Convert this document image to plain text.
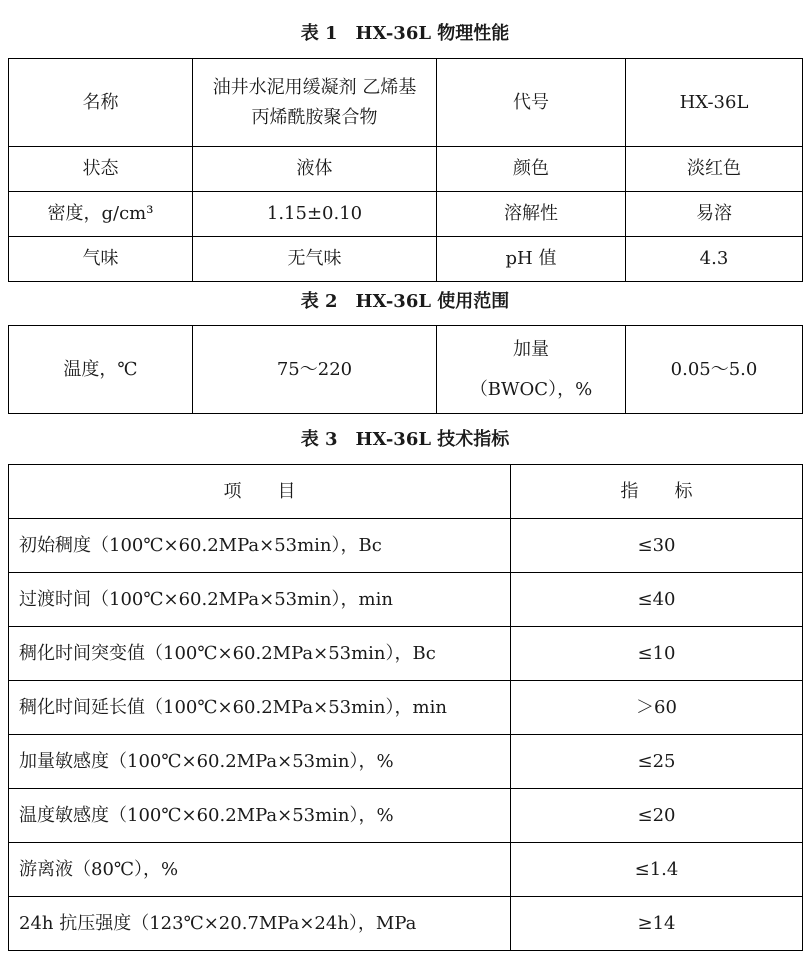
表 1　HX-36L 物理性能
名称	油井水泥用缓凝剂 乙烯基丙烯酰胺聚合物	代号	HX-36L
状态	液体	颜色	淡红色
密度，g/cm³	1.15±0.10	溶解性	易溶
气味	无气味	pH 值	4.3
表 2　HX-36L 使用范围
温度，℃	75～220	加量（BWOC），%	0.05～5.0
表 3　HX-36L 技术指标
项　　目	指　　标
初始稠度（100℃×60.2MPa×53min），Bc	≤30
过渡时间（100℃×60.2MPa×53min），min	≤40
稠化时间突变值（100℃×60.2MPa×53min），Bc	≤10
稠化时间延长值（100℃×60.2MPa×53min），min	＞60
加量敏感度（100℃×60.2MPa×53min），%	≤25
温度敏感度（100℃×60.2MPa×53min），%	≤20
游离液（80℃），%	≤1.4
24h 抗压强度（123℃×20.7MPa×24h），MPa	≥14
